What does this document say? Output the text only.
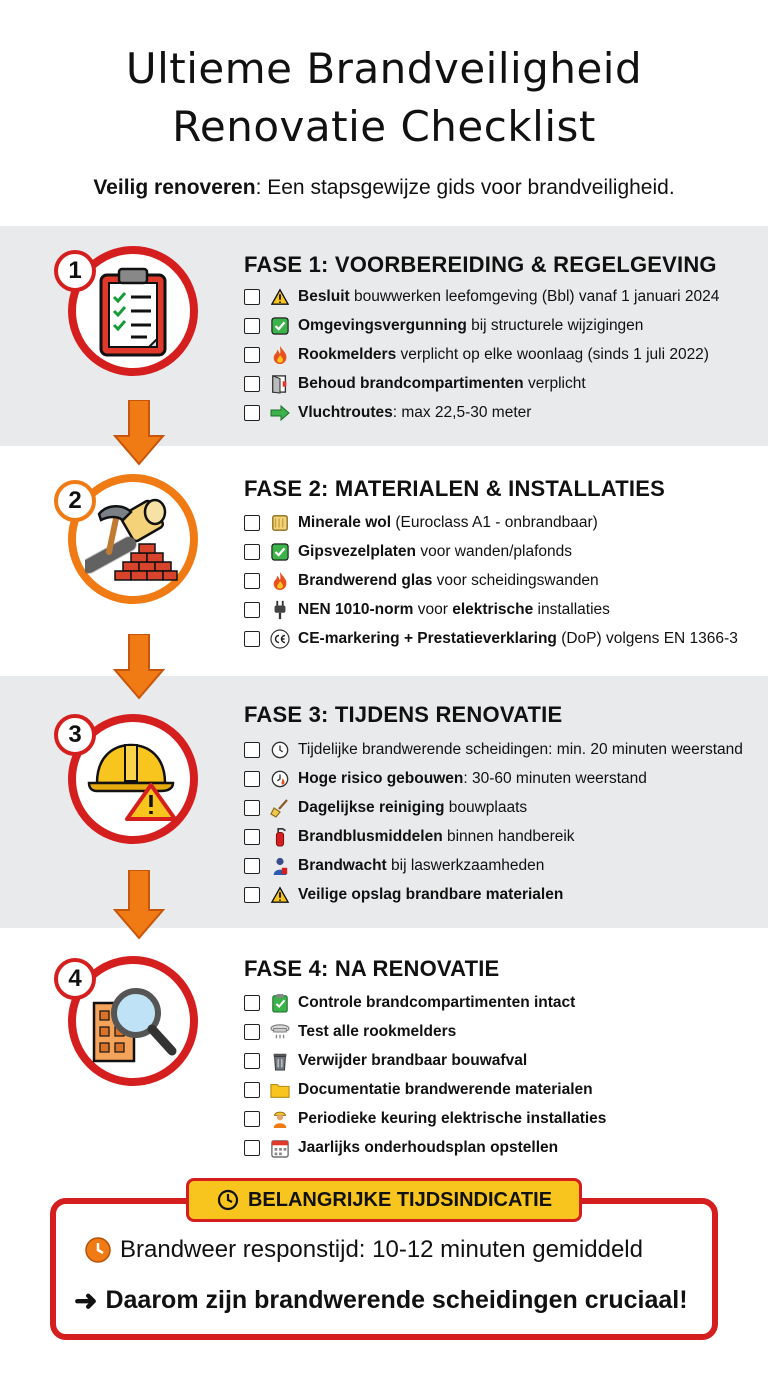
Ultieme Brandveiligheid
Renovatie Checklist
Veilig renoveren: Een stapsgewijze gids voor brandveiligheid.
1	FASE 1: VOORBEREIDING & REGELGEVING
Besluit bouwwerken leefomgeving (Bbl) vanaf 1 januari 2024
Omgevingsvergunning bij structurele wijzigingen
Rookmelders verplicht op elke woonlaag (sinds 1 juli 2022)
Behoud brandcompartimenten verplicht
Vluchtroutes: max 22,5-30 meter
2	FASE 2: MATERIALEN & INSTALLATIES
Minerale wol (Euroclass A1 - onbrandbaar)
Gipsvezelplaten voor wanden/plafonds
Brandwerend glas voor scheidingswanden
NEN 1010-norm voor elektrische installaties
CE-markering + Prestatieverklaring (DoP) volgens EN 1366-3
3
FASE 3: TIJDENS RENOVATIE
Tijdelijke brandwerende scheidingen: min. 20 minuten weerstand
Hoge risico gebouwen: 30-60 minuten weerstand
Dagelijkse reiniging bouwplaats
Brandblusmiddelen binnen handbereik
Brandwacht bij laswerkzaamheden
Veilige opslag brandbare materialen
4	FASE 4: NA RENOVATIE
Controle brandcompartimenten intact
Test alle rookmelders
Verwijder brandbaar bouwafval
Documentatie brandwerende materialen
Periodieke keuring elektrische installaties
Jaarlijks onderhoudsplan opstellen
BELANGRIJKE TIJDSINDICATIE
Brandweer responstijd: 10-12 minuten gemiddeld
➜ Daarom zijn brandwerende scheidingen cruciaal!
